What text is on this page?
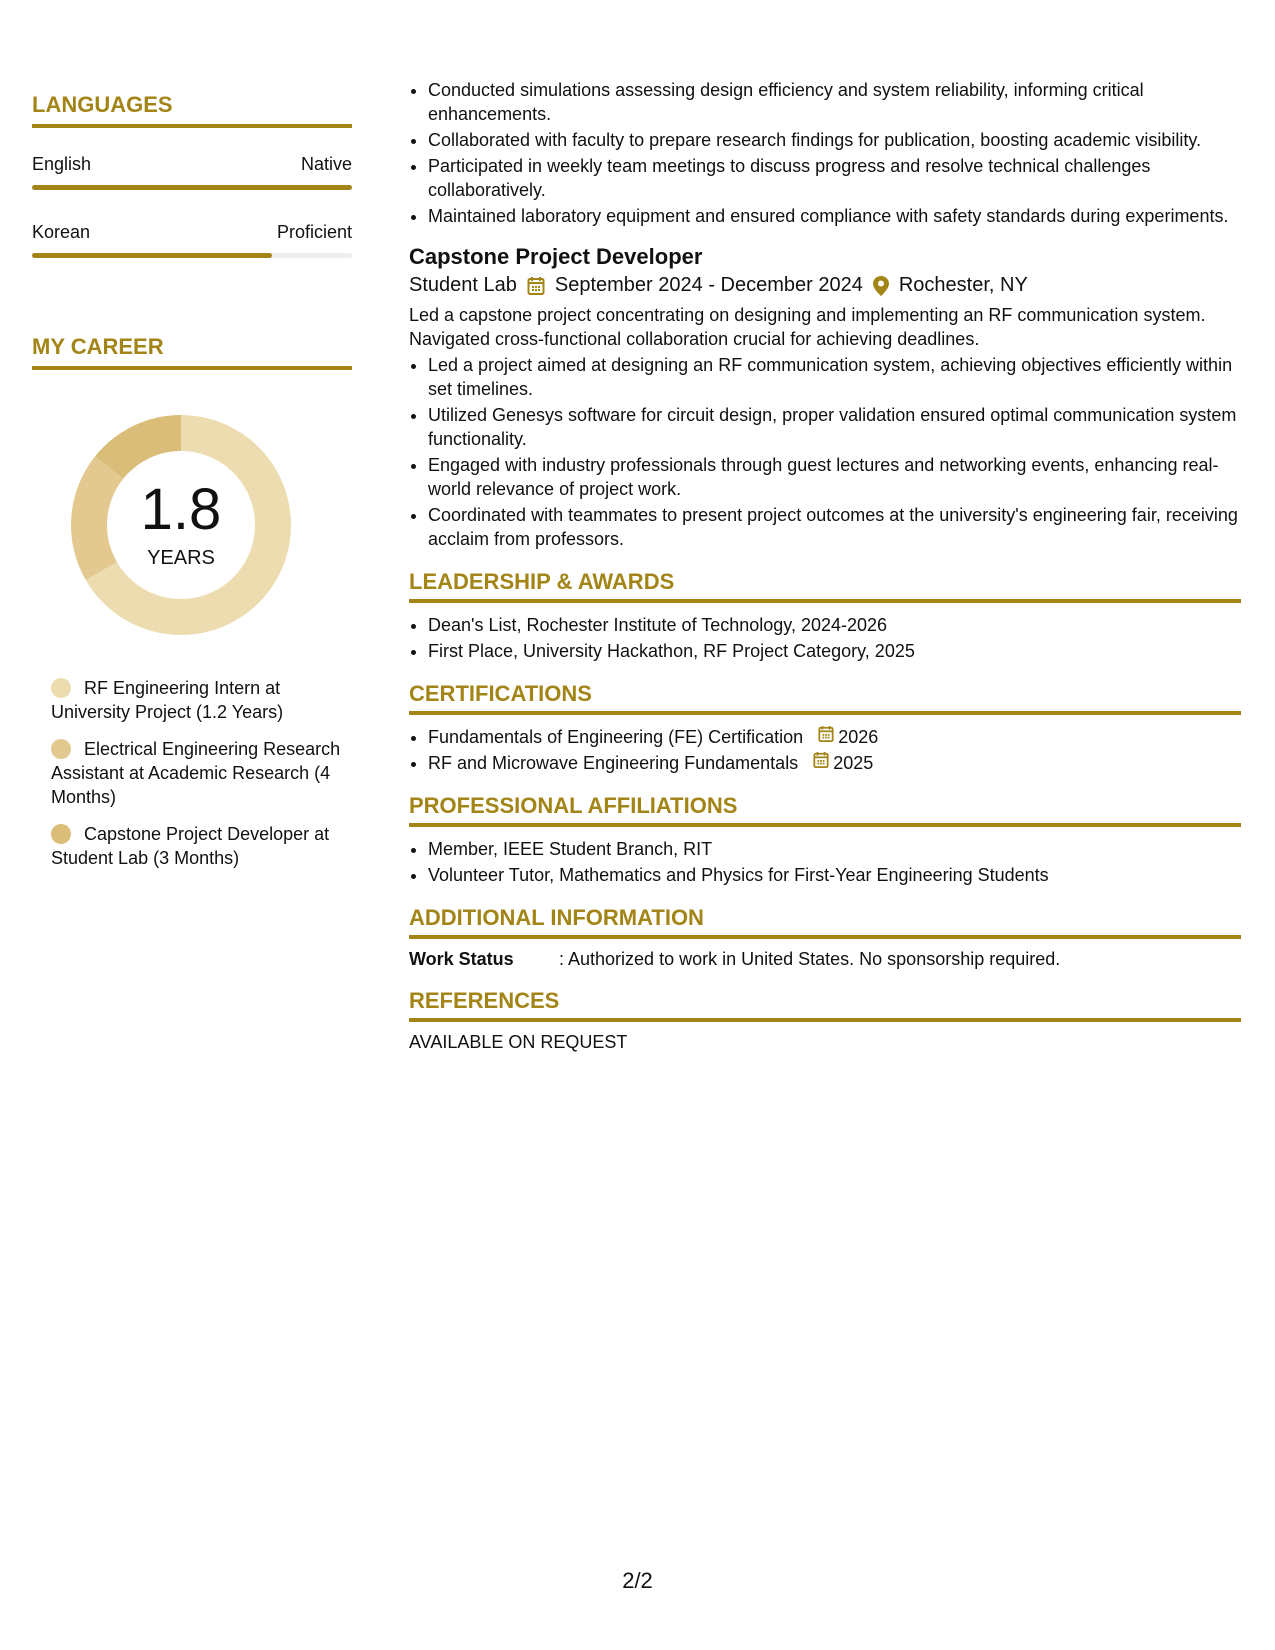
LANGUAGES
English	Native
Korean	Proficient
MY CAREER
1.8
YEARS
RF Engineering Intern at University Project (1.2 Years)
Electrical Engineering Research Assistant at Academic Research (4 Months)
Capstone Project Developer at Student Lab (3 Months)
• Conducted simulations assessing design efficiency and system reliability, informing critical enhancements.
• Collaborated with faculty to prepare research findings for publication, boosting academic visibility.
• Participated in weekly team meetings to discuss progress and resolve technical challenges collaboratively.
• Maintained laboratory equipment and ensured compliance with safety standards during experiments.
Capstone Project Developer
Student Lab September 2024 - December 2024 Rochester, NY
Led a capstone project concentrating on designing and implementing an RF communication system. Navigated cross-functional collaboration crucial for achieving deadlines.
• Led a project aimed at designing an RF communication system, achieving objectives efficiently within set timelines.
• Utilized Genesys software for circuit design, proper validation ensured optimal communication system functionality.
• Engaged with industry professionals through guest lectures and networking events, enhancing real-world relevance of project work.
• Coordinated with teammates to present project outcomes at the university's engineering fair, receiving acclaim from professors.
LEADERSHIP & AWARDS
• Dean's List, Rochester Institute of Technology, 2024-2026
• First Place, University Hackathon, RF Project Category, 2025
CERTIFICATIONS
• Fundamentals of Engineering (FE) Certification 2026
• RF and Microwave Engineering Fundamentals 2025
PROFESSIONAL AFFILIATIONS
• Member, IEEE Student Branch, RIT
• Volunteer Tutor, Mathematics and Physics for First-Year Engineering Students
ADDITIONAL INFORMATION
Work Status	: Authorized to work in United States. No sponsorship required.
REFERENCES
AVAILABLE ON REQUEST
2/2
